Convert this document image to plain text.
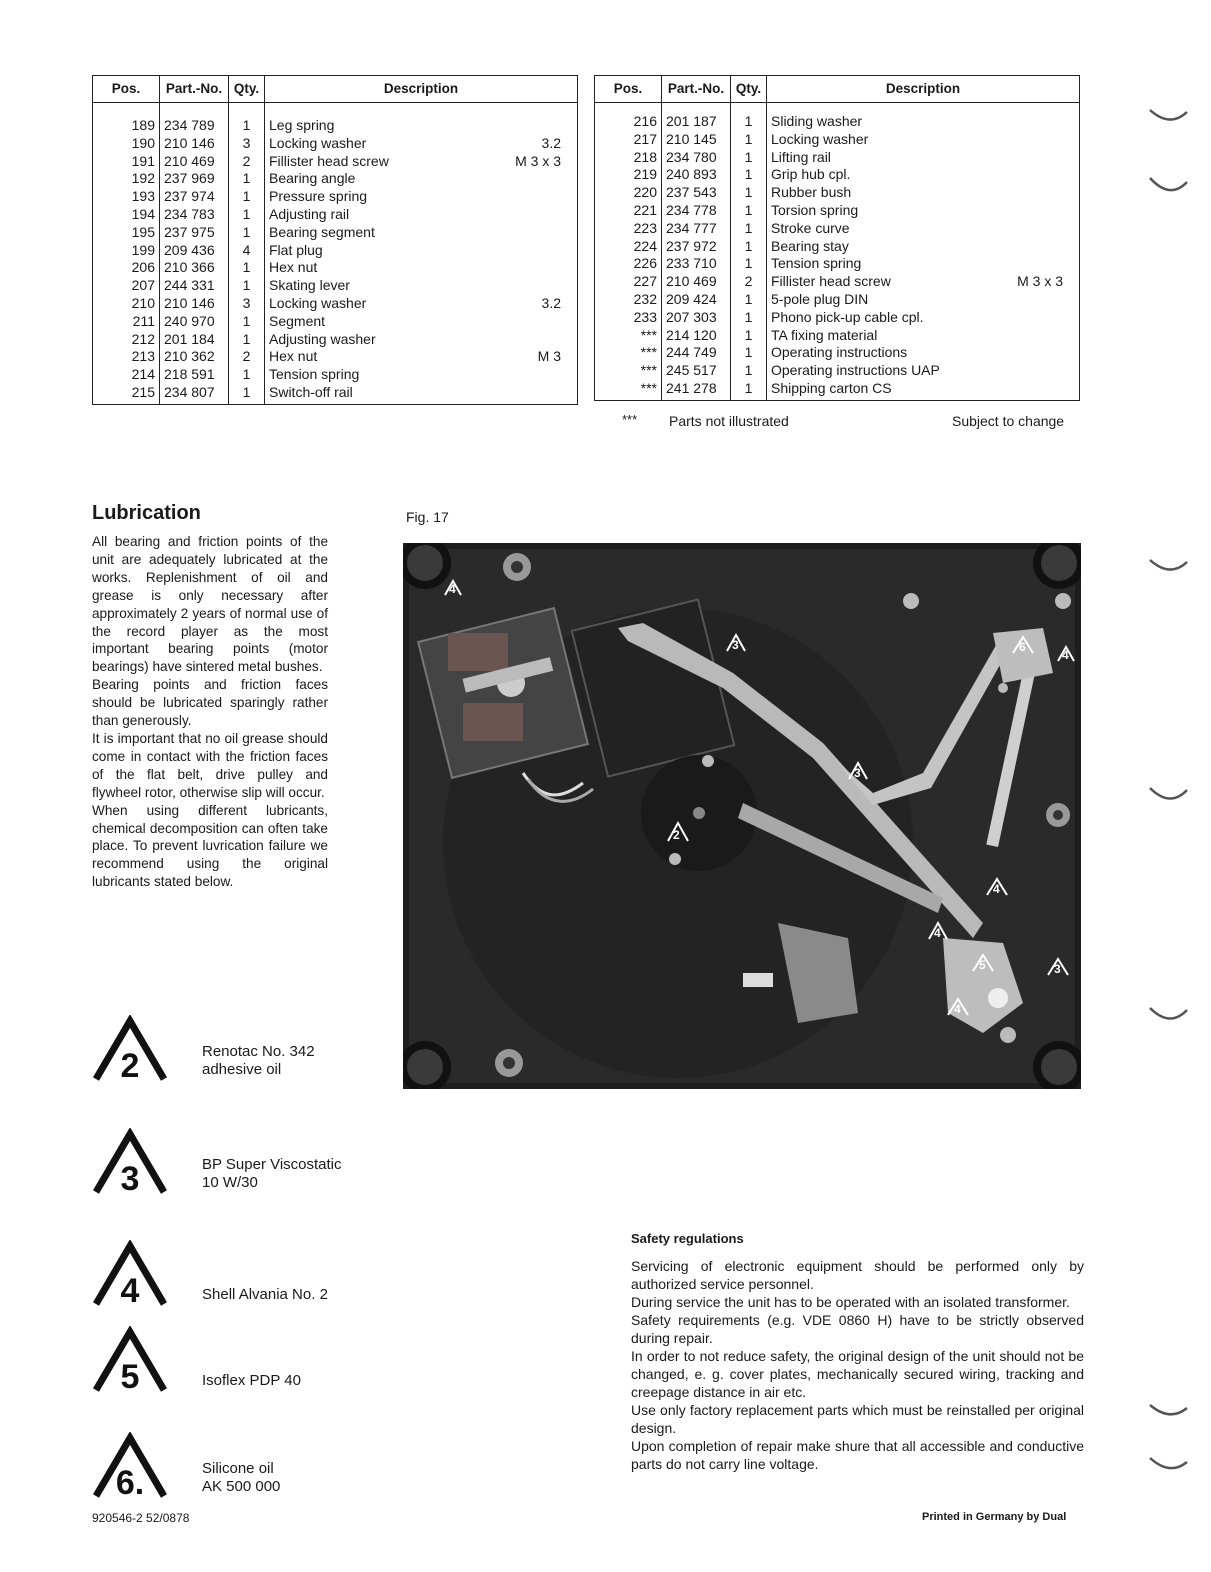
Pos.	Part.-No.	Qty.	Description
189	234 789	1	Leg spring
190	210 146	3	Locking washer 3.2

191	210 469	2	Fillister head screw M 3 x 3

192	237 969	1	Bearing angle
193	237 974	1	Pressure spring
194	234 783	1	Adjusting rail
195	237 975	1	Bearing segment
199	209 436	4	Flat plug
206	210 366	1	Hex nut
207	244 331	1	Skating lever
210	210 146	3	Locking washer 3.2

211	240 970	1	Segment
212	201 184	1	Adjusting washer
213	210 362	2	Hex nut M 3

214	218 591	1	Tension spring
215	234 807	1	Switch-off rail
Pos.	Part.-No.	Qty.	Description
216	201 187	1	Sliding washer
217	210 145	1	Locking washer
218	234 780	1	Lifting rail
219	240 893	1	Grip hub cpl.
220	237 543	1	Rubber bush
221	234 778	1	Torsion spring
223	234 777	1	Stroke curve
224	237 972	1	Bearing stay
226	233 710	1	Tension spring
227	210 469	2	Fillister head screw M 3 x 3

232	209 424	1	5-pole plug DIN
233	207 303	1	Phono pick-up cable cpl.
***	214 120	1	TA fixing material
***	244 749	1	Operating instructions
***	245 517	1	Operating instructions UAP
***	241 278	1	Shipping carton CS
*** Parts not illustrated	Subject to change
Lubrication
All bearing and friction points of the unit are adequately lubricated at the works. Replenishment of oil and grease is only necessary after approximately 2 years of normal use of the record player as the most important bearing points (motor bearings) have sintered metal bushes.
Bearing points and friction faces should be lubricated sparingly rather than generously.
It is important that no oil grease should come in contact with the friction faces of the flat belt, drive pulley and flywheel rotor, otherwise slip will occur.
When using different lubricants, chemical decomposition can often take place. To prevent luvrication failure we recommend using the original lubricants stated below.
Fig. 17
4
3
2
3
4
4
4
5
6
3
4
2	Renotac No. 342
adhesive oil
3	BP Super Viscostatic
10 W/30
4	Shell Alvania No. 2
5	Isoflex PDP 40
6.	Silicone oil
AK 500 000
Safety regulations
Servicing of electronic equipment should be performed only by authorized service personnel.
During service the unit has to be operated with an isolated transformer.
Safety requirements (e.g. VDE 0860 H) have to be strictly observed during repair.
In order to not reduce safety, the original design of the unit should not be changed, e. g. cover plates, mechanically secured wiring, tracking and creepage distance in air etc.
Use only factory replacement parts which must be reinstalled per original design.
Upon completion of repair make shure that all accessible and conductive parts do not carry line voltage.
920546-2 52/0878	Printed in Germany by Dual
